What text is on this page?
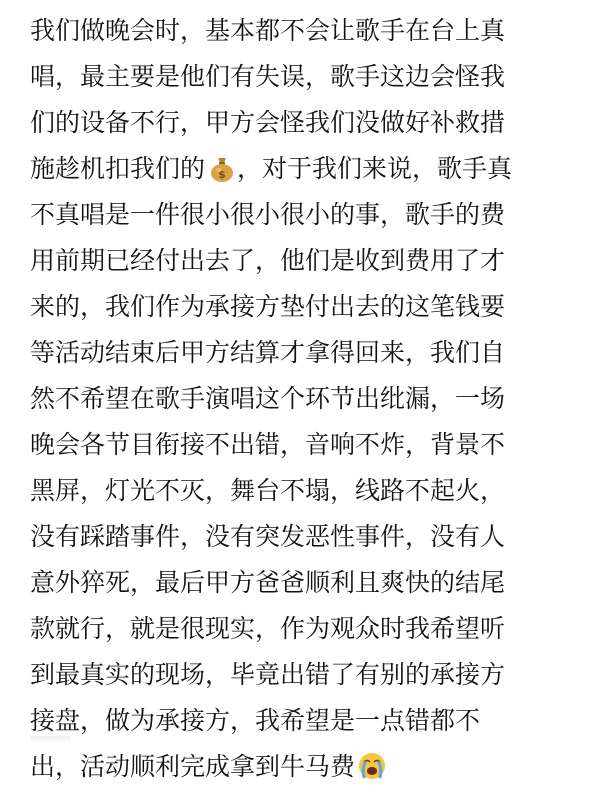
我们做晚会时，基本都不会让歌手在台上真
唱，最主要是他们有失误，歌手这边会怪我
们的设备不行，甲方会怪我们没做好补救措
施趁机扣我们的 $ ，对于我们来说，歌手真
不真唱是一件很小很小很小的事，歌手的费
用前期已经付出去了，他们是收到费用了才
来的，我们作为承接方垫付出去的这笔钱要
等活动结束后甲方结算才拿得回来，我们自
然不希望在歌手演唱这个环节出纰漏，一场
晚会各节目衔接不出错，音响不炸，背景不
黑屏，灯光不灭，舞台不塌，线路不起火，
没有踩踏事件，没有突发恶性事件，没有人
意外猝死，最后甲方爸爸顺利且爽快的结尾
款就行，就是很现实，作为观众时我希望听
到最真实的现场，毕竟出错了有别的承接方
接盘，做为承接方，我希望是一点错都不
出，活动顺利完成拿到牛马费
